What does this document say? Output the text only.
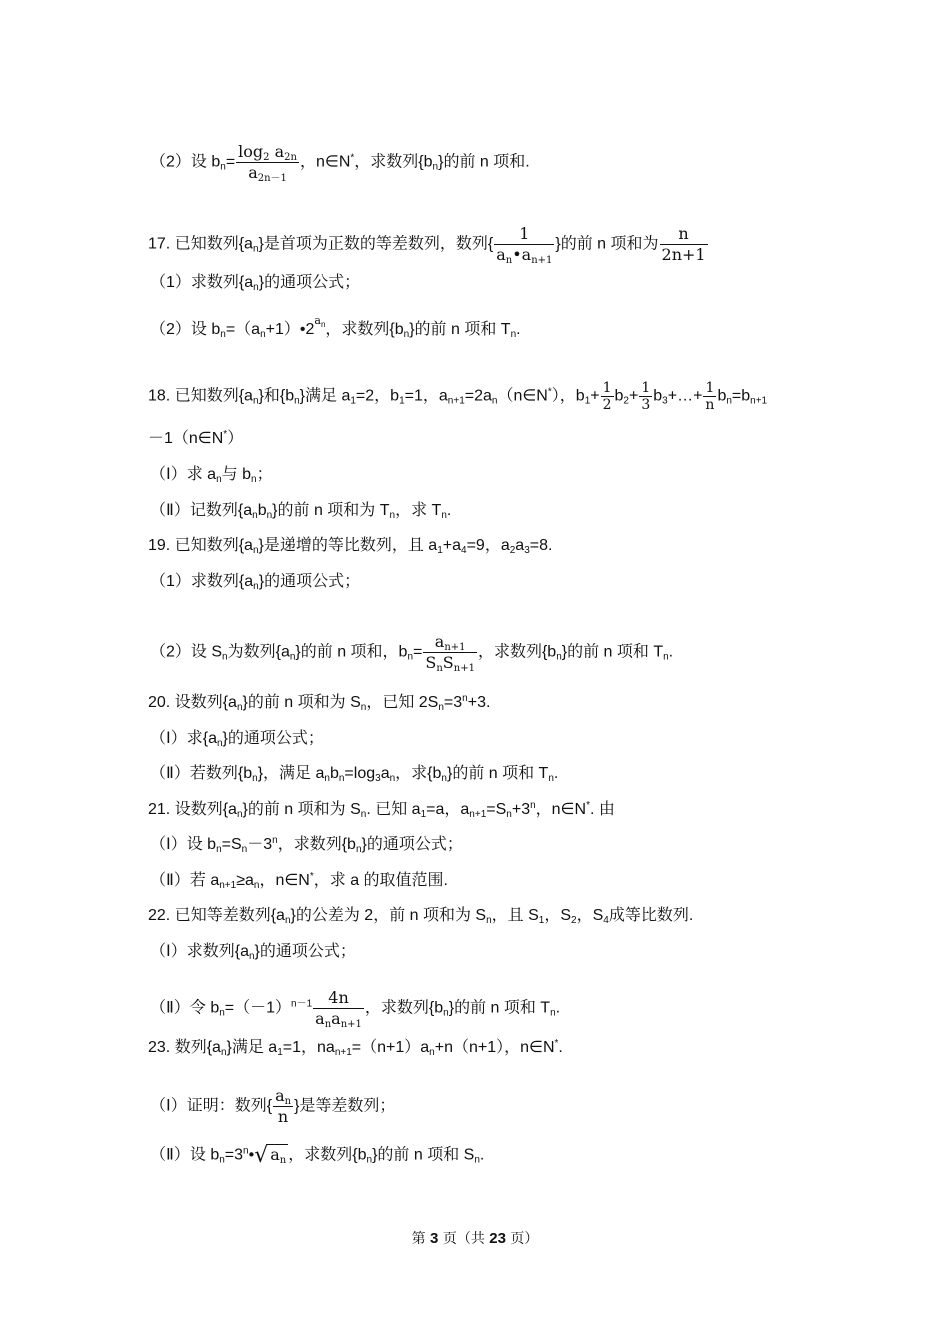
（2）设 $b_n= \frac{\log_2 a_{2n}}{a_{2n-1}}$ ，n∈N*，求数列$\{b_n\}$的前 n 项和.
17. 已知数列$\{a_n\}$是首项为正数的等差数列，数列{ $\frac{1}{a_n•a_{n+1}}$ }的前 n 项和为 $\frac{n}{2n+1}$
（1）求数列$\{a_n\}$的通项公式；
（2）设 $b_n=(a_n+1)•2^{a_n}$，求数列$\{b_n\}$的前 n 项和 $T_n$.
18. 已知数列$\{a_n\}$和$\{b_n\}$满足 $a_1=2$，$b_1=1$，$a_{n+1}=2a_n(n\in N^*)$，$b_1+ \frac{1}{2} b_2+ \frac{1}{3}$ $b_3+\dots+ \frac{1}{n} b_n=b_{n+1}$
－1（n∈N*）
（Ⅰ）求 $a_n$与 $b_n$；
（Ⅱ）记数列$\{a_nb_n\}$的前 n 项和为 $T_n$，求 $T_n$.
19. 已知数列$\{a_n\}$是递增的等比数列，且 $a_1+a_4=9$，$a_2a_3=8$.
（1）求数列$\{a_n\}$的通项公式；
（2）设 $S_n$为数列$\{a_n\}$的前 n 项和，$b_n= \frac{a_{n+1}}{S_nS_{n+1}}$ ，求数列$\{b_n\}$的前 n 项和 $T_n$.
20. 设数列$\{a_n\}$的前 n 项和为 $S_n$，已知 $2S_n=3^n+3$.
（Ⅰ）求$\{a_n\}$的通项公式；
（Ⅱ）若数列$\{b_n\}$，满足 $a_nb_n=\log_3a_n$，求$\{b_n\}$的前 n 项和 $T_n$.
21. 设数列$\{a_n\}$的前 n 项和为 $S_n$. 已知 $a_1=a$，$a_{n+1}=S_n+3^n$，n∈N*. 由
（Ⅰ）设 $b_n=S_n-3^n$，求数列$\{b_n\}$的通项公式；
（Ⅱ）若 $a_{n+1}\ge a_n$，n∈N*，求 a 的取值范围.
22. 已知等差数列$\{a_n\}$的公差为 2，前 n 项和为 $S_n$，且 $S_1$，$S_2$，$S_4$成等比数列.
（Ⅰ）求数列$\{a_n\}$的通项公式；
（Ⅱ）令 $b_n=(-1)^{n-1} \frac{4n}{a_na_{n+1}}$ ，求数列$\{b_n\}$的前 n 项和 $T_n$.
23. 数列$\{a_n\}$满足 $a_1=1$，$na_{n+1}=(n+1)a_n+n(n+1)$，n∈N*.
（Ⅰ）证明：数列{ $\frac{a_n}{n}$ }是等差数列；
（Ⅱ）设 $b_n=3^n•√$ $a_n$ ，求数列$\{b_n\}$的前 n 项和 $S_n$.
第 3 页（共 23 页）
